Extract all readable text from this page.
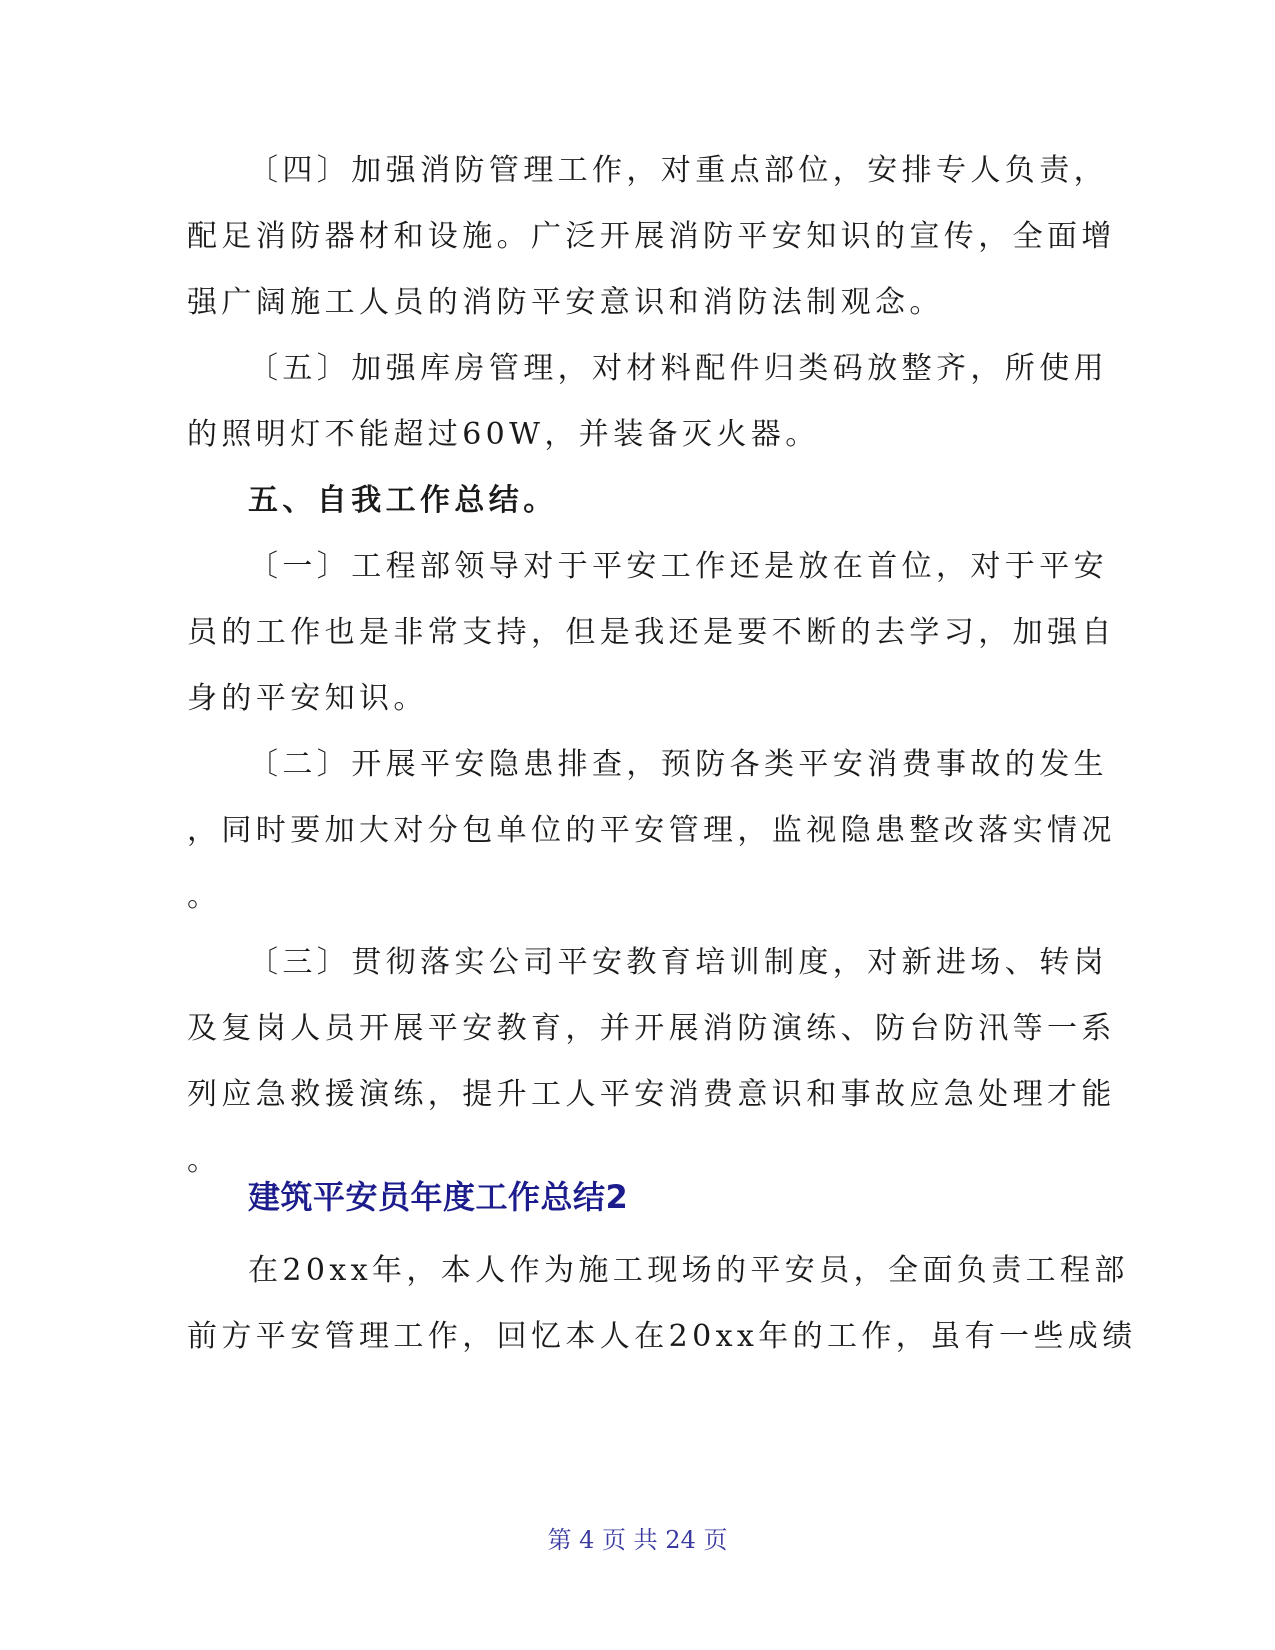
〔四〕加强消防管理工作，对重点部位，安排专人负责，
配足消防器材和设施。广泛开展消防平安知识的宣传，全面增
强广阔施工人员的消防平安意识和消防法制观念。
〔五〕加强库房管理，对材料配件归类码放整齐，所使用
的照明灯不能超过60W，并装备灭火器。
五、自我工作总结。
〔一〕工程部领导对于平安工作还是放在首位，对于平安
员的工作也是非常支持，但是我还是要不断的去学习，加强自
身的平安知识。
〔二〕开展平安隐患排查，预防各类平安消费事故的发生
，同时要加大对分包单位的平安管理，监视隐患整改落实情况
。
〔三〕贯彻落实公司平安教育培训制度，对新进场、转岗
及复岗人员开展平安教育，并开展消防演练、防台防汛等一系
列应急救援演练，提升工人平安消费意识和事故应急处理才能
。
建筑平安员年度工作总结2
在20xx年，本人作为施工现场的平安员，全面负责工程部
前方平安管理工作，回忆本人在20xx年的工作，虽有一些成绩
第 4 页 共 24 页
